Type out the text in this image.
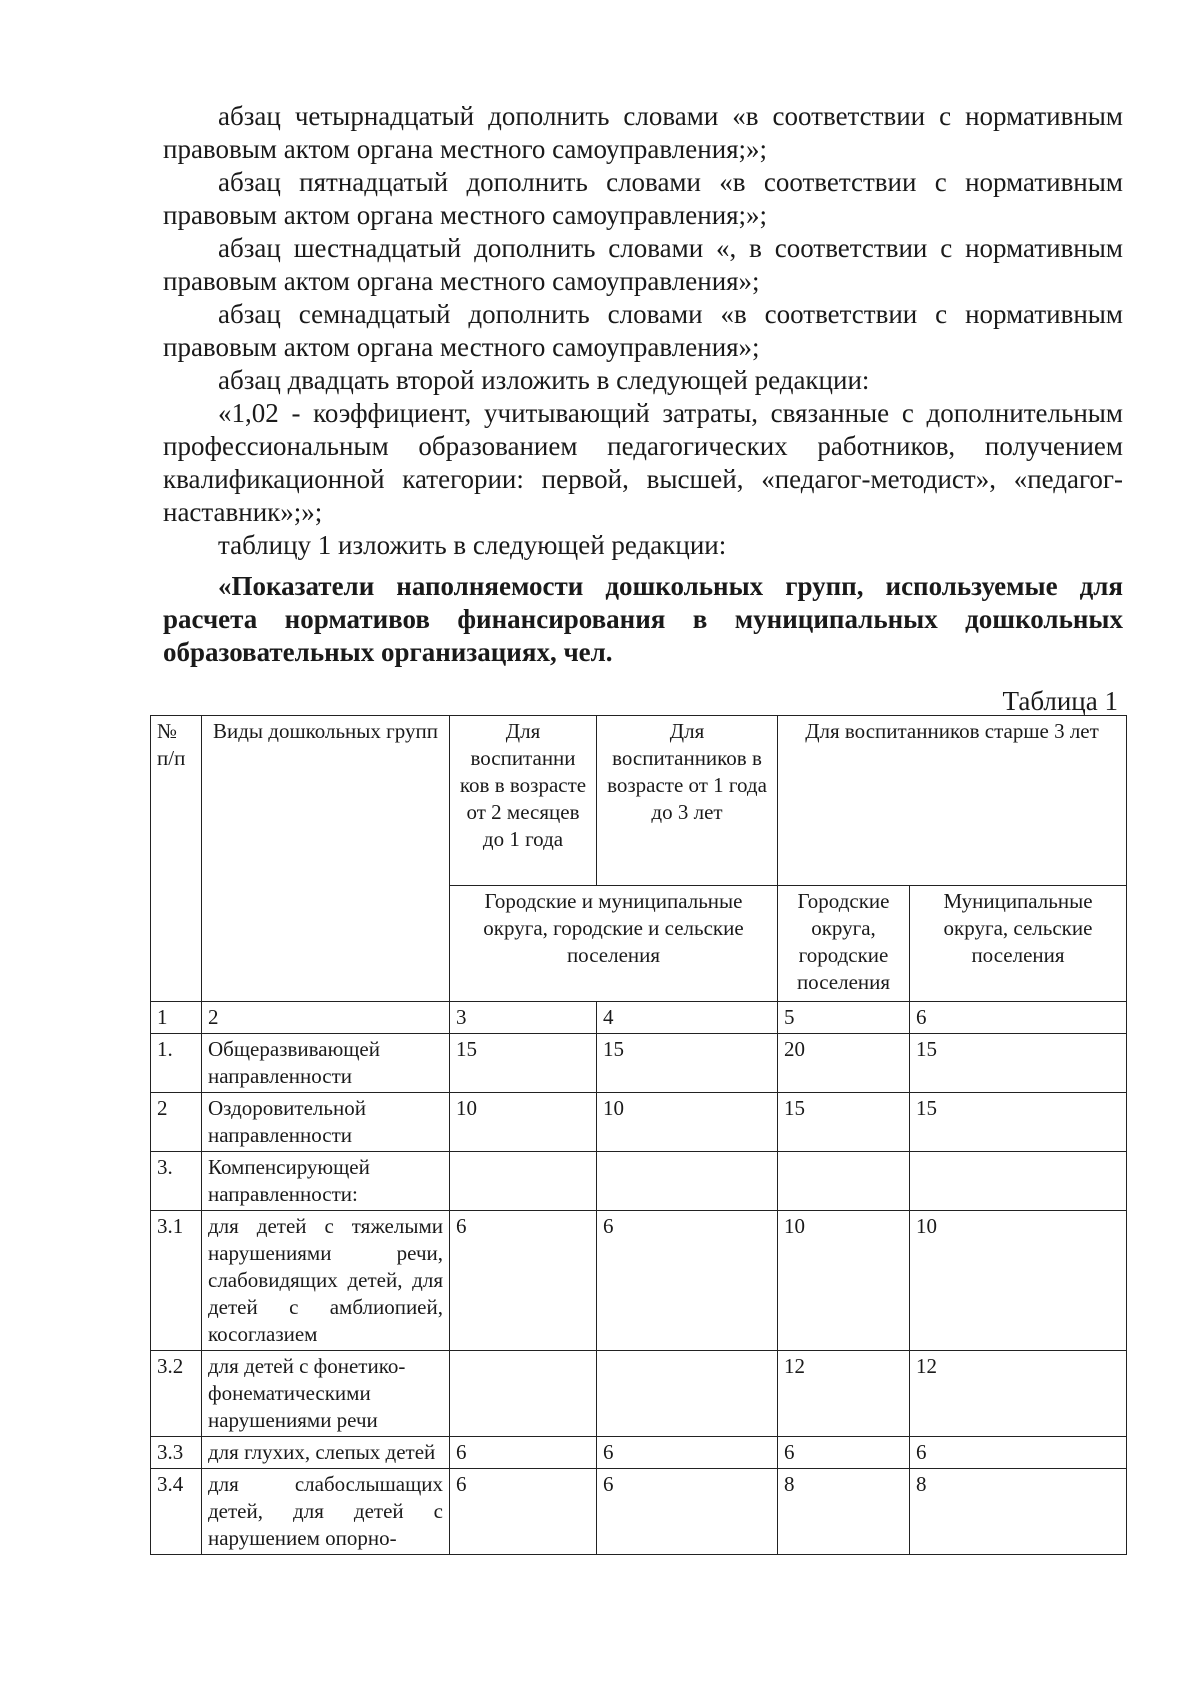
абзац четырнадцатый дополнить словами «в соответствии с нормативным правовым актом органа местного самоуправления;»;

абзац пятнадцатый дополнить словами «в соответствии с нормативным правовым актом органа местного самоуправления;»;

абзац шестнадцатый дополнить словами «, в соответствии с нормативным правовым актом органа местного самоуправления»;

абзац семнадцатый дополнить словами «в соответствии с нормативным правовым актом органа местного самоуправления»;

абзац двадцать второй изложить в следующей редакции:

«1,02 - коэффициент, учитывающий затраты, связанные с дополнительным профессиональным образованием педагогических работников, получением квалификационной категории: первой, высшей, «педагог-методист», «педагог-наставник»;»;

таблицу 1 изложить в следующей редакции:

«Показатели наполняемости дошкольных групп, используемые для расчета нормативов финансирования в муниципальных дошкольных образовательных организациях, чел.

Таблица 1
№ п/п	Виды дошкольных групп	Для воспитанни ков в возрасте от 2 месяцев до 1 года	Для воспитанников в возрасте от 1 года до 3 лет	Для воспитанников старше 3 лет	
		Городские и муниципальные округа, городские и сельские поселения		Городские округа, городские поселения	Муниципальные округа, сельские поселения
1	2	3	4	5	6
1.	Общеразвивающей направленности	15	15	20	15
2	Оздоровительной направленности	10	10	15	15
3.	Компенсирующей направленности:				
3.1	для детей с тяжелыми нарушениями речи, слабовидящих детей, для детей с амблиопией, косоглазием	6	6	10	10
3.2	для детей с фонетико-фонематическими нарушениями речи			12	12
3.3	для глухих, слепых детей	6	6	6	6
3.4	для слабослышащих детей, для детей с нарушением опорно-	6	6	8	8
